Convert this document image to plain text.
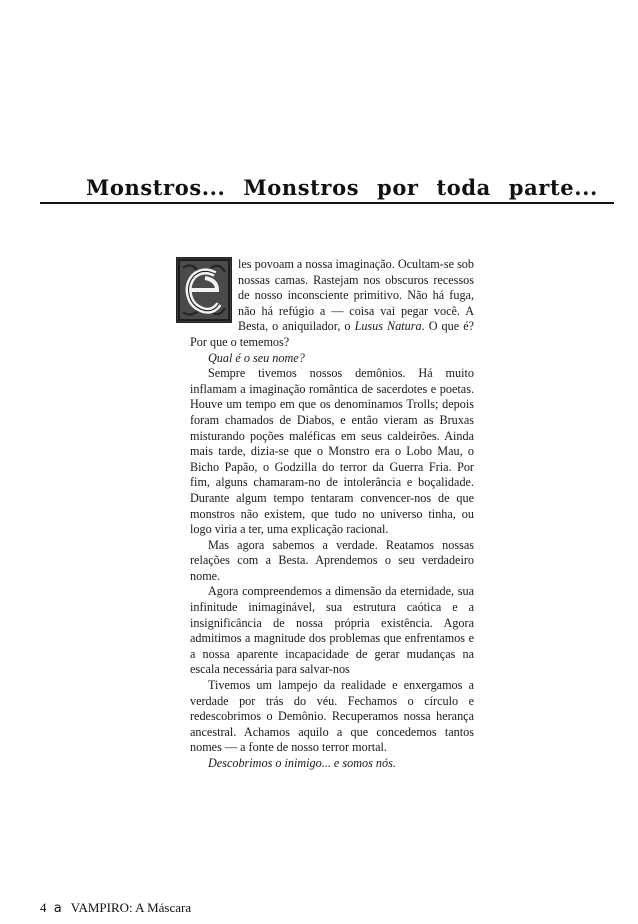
Monstros... Monstros por toda parte...

les povoam a nossa imaginação. Ocultam-se sob nossas camas. Rastejam nos obscuros recessos de nosso inconsciente primitivo. Não há fuga, não há refúgio a — coisa vai pegar você. A Besta, o aniquilador, o Lusus Natura. O que é? Por que o tememos?

Qual é o seu nome?

Sempre tivemos nossos demônios. Há muito inflamam a imaginação romântica de sacerdotes e poetas. Houve um tempo em que os denominamos Trolls; depois foram chamados de Diabos, e então vieram as Bruxas misturando poções maléficas em seus caldeirões. Ainda mais tarde, dizia-se que o Monstro era o Lobo Mau, o Bicho Papão, o Godzilla do terror da Guerra Fria. Por fim, alguns chamaram-no de intolerância e boçalidade. Durante algum tempo tentaram convencer-nos de que monstros não existem, que tudo no universo tinha, ou logo viria a ter, uma explicação racional.

Mas agora sabemos a verdade. Reatamos nossas relações com a Besta. Aprendemos o seu verdadeiro nome.

Agora compreendemos a dimensão da eternidade, sua infinitude inimaginável, sua estrutura caótica e a insignificância de nossa própria existência. Agora admitimos a magnitude dos problemas que enfrentamos e a nossa aparente incapacidade de gerar mudanças na escala necessária para salvar-nos

Tivemos um lampejo da realidade e enxergamos a verdade por trás do véu. Fechamos o círculo e redescobrimos o Demônio. Recuperamos nossa herança ancestral. Achamos aquilo a que concedemos tantos nomes — a fonte de nosso terror mortal.

Descobrimos o inimigo... e somos nós.

4 a VAMPIRO: A Máscara
